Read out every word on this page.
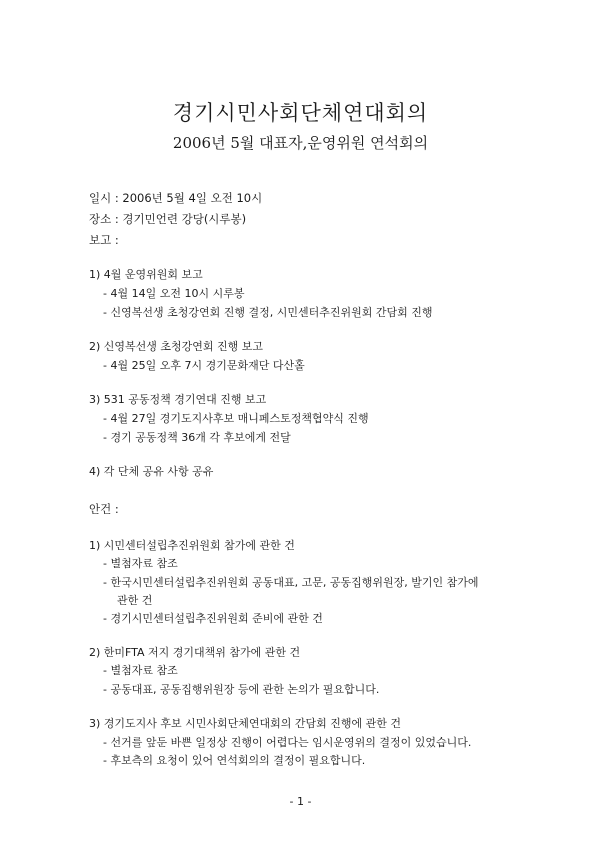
경기시민사회단체연대회의
2006년 5월 대표자,운영위원 연석회의
일시 : 2006년 5월 4일 오전 10시
장소 : 경기민언련 강당(시루봉)
보고 :
1) 4월 운영위원회 보고
- 4월 14일 오전 10시 시루봉
- 신영복선생 초청강연회 진행 결정, 시민센터추진위원회 간담회 진행
2) 신영복선생 초청강연회 진행 보고
- 4월 25일 오후 7시 경기문화재단 다산홀
3) 531 공동정책 경기연대 진행 보고
- 4월 27일 경기도지사후보 매니페스토정책협약식 진행
- 경기 공동정책 36개 각 후보에게 전달
4) 각 단체 공유 사항 공유
안건 :
1) 시민센터설립추진위원회 참가에 관한 건
- 별첨자료 참조
- 한국시민센터설립추진위원회 공동대표, 고문, 공동집행위원장, 발기인 참가에
관한 건
- 경기시민센터설립추진위원회 준비에 관한 건
2) 한미FTA 저지 경기대책위 참가에 관한 건
- 별첨자료 참조
- 공동대표, 공동집행위원장 등에 관한 논의가 필요합니다.
3) 경기도지사 후보 시민사회단체연대회의 간담회 진행에 관한 건
- 선거를 앞둔 바쁜 일정상 진행이 어렵다는 임시운영위의 결정이 있었습니다.
- 후보측의 요청이 있어 연석회의의 결정이 필요합니다.
- 1 -
